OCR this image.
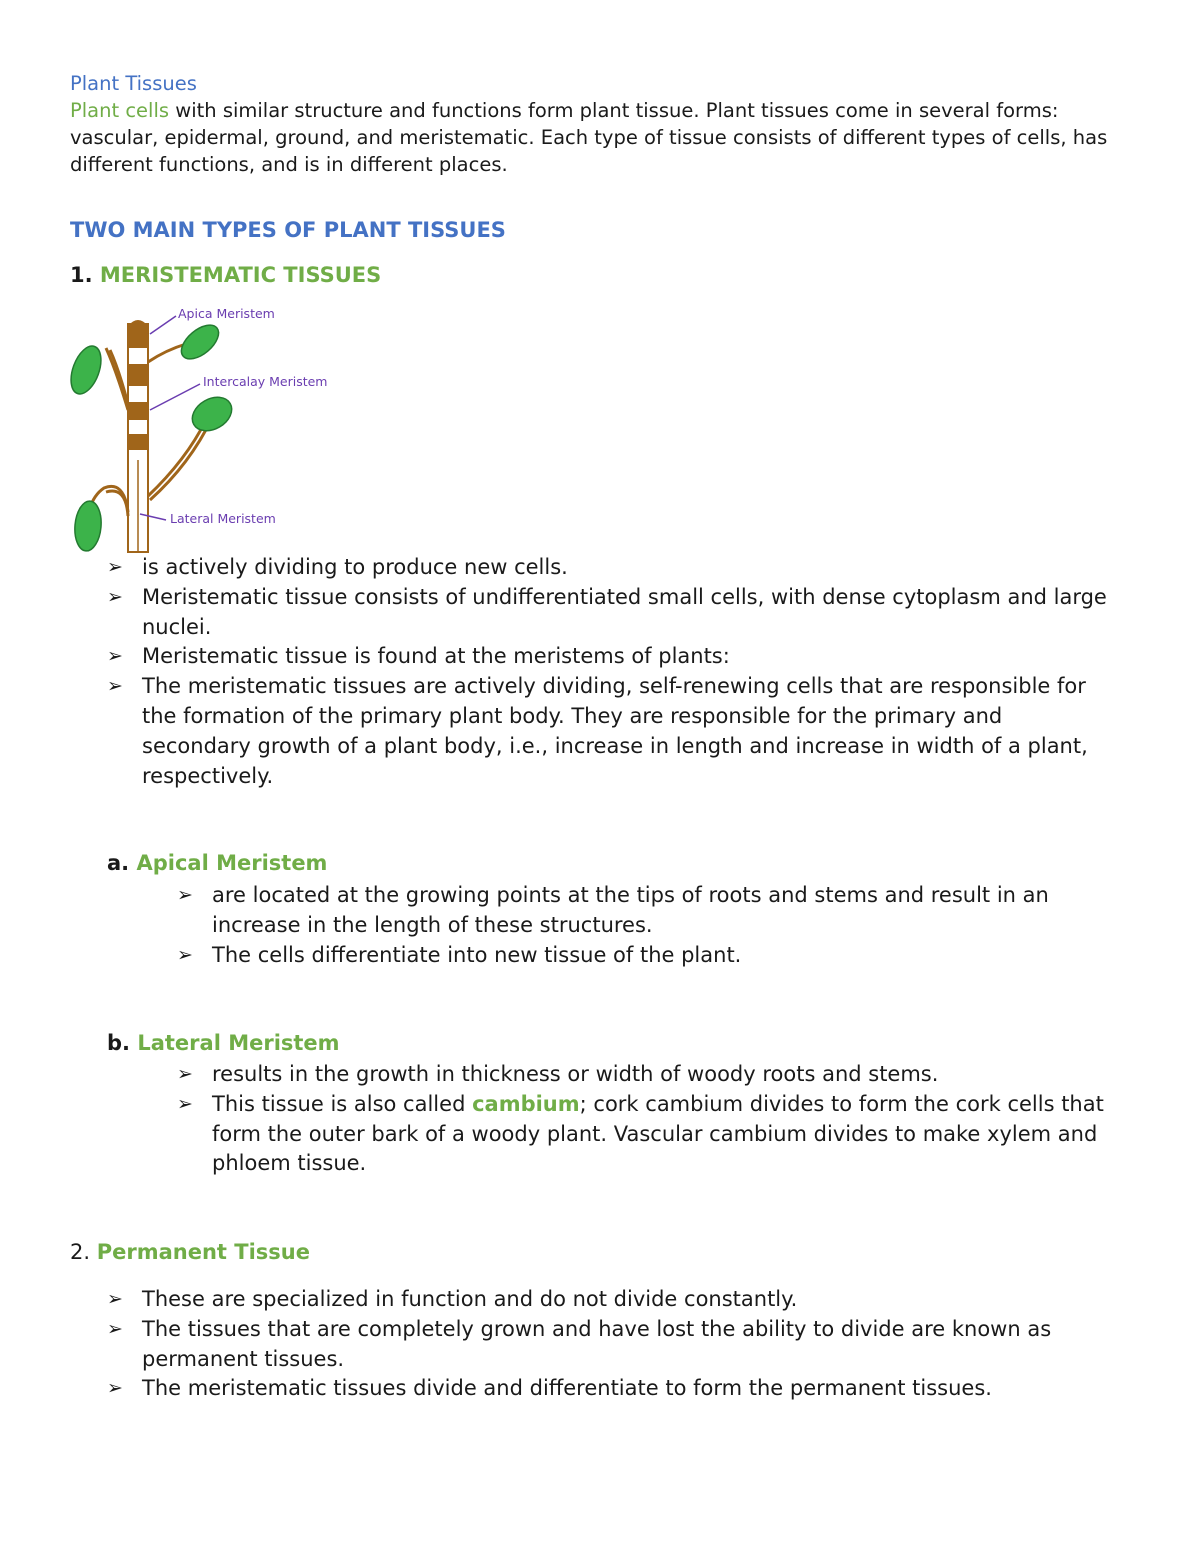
Plant Tissues

Plant cells with similar structure and functions form plant tissue. Plant tissues come in several forms: vascular, epidermal, ground, and meristematic. Each type of tissue consists of different types of cells, has different functions, and is in different places.

TWO MAIN TYPES OF PLANT TISSUES
1. MERISTEMATIC TISSUES
Apica Meristem
Intercalay Meristem
Lateral Meristem
➢ is actively dividing to produce new cells.
➢ Meristematic tissue consists of undifferentiated small cells, with dense cytoplasm and large nuclei.
➢ Meristematic tissue is found at the meristems of plants:
➢ The meristematic tissues are actively dividing, self-renewing cells that are responsible for the formation of the primary plant body. They are responsible for the primary and secondary growth of a plant body, i.e., increase in length and increase in width of a plant, respectively.
a. Apical Meristem
➢ are located at the growing points at the tips of roots and stems and result in an increase in the length of these structures.
➢ The cells differentiate into new tissue of the plant.
b. Lateral Meristem
➢ results in the growth in thickness or width of woody roots and stems.
➢ This tissue is also called cambium; cork cambium divides to form the cork cells that form the outer bark of a woody plant. Vascular cambium divides to make xylem and phloem tissue.
2. Permanent Tissue
➢ These are specialized in function and do not divide constantly.
➢ The tissues that are completely grown and have lost the ability to divide are known as permanent tissues.
➢ The meristematic tissues divide and differentiate to form the permanent tissues.
